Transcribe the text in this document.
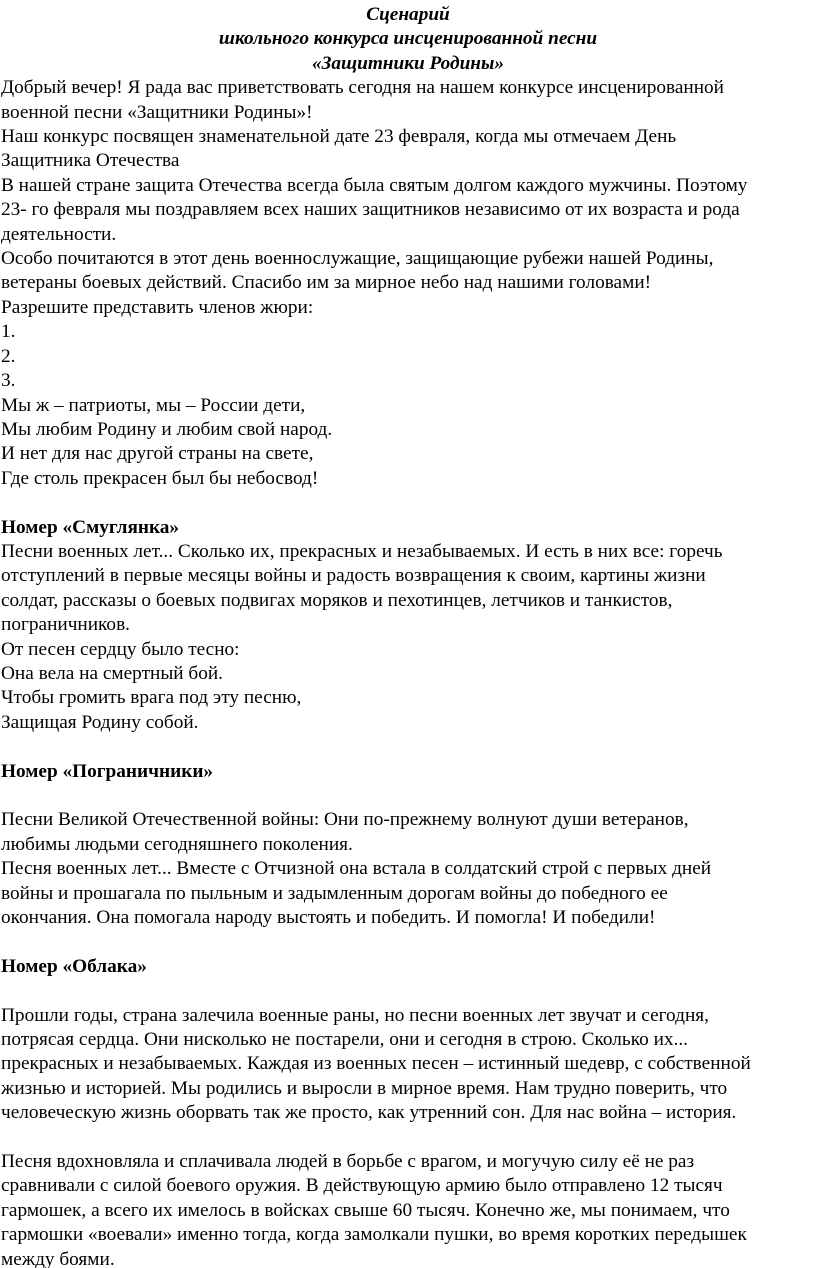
Сценарий
школьного конкурса инсценированной песни
«Защитники Родины»
Добрый вечер! Я рада вас приветствовать сегодня на нашем конкурсе инсценированной
военной песни «Защитники Родины»!
Наш конкурс посвящен знаменательной дате 23 февраля, когда мы отмечаем День
Защитника Отечества
В нашей стране защита Отечества всегда была святым долгом каждого мужчины. Поэтому
23- го февраля мы поздравляем всех наших защитников независимо от их возраста и рода
деятельности.
Особо почитаются в этот день военнослужащие, защищающие рубежи нашей Родины,
ветераны боевых действий. Спасибо им за мирное небо над нашими головами!
Разрешите представить членов жюри:
1.
2.
3.
Мы ж – патриоты, мы – России дети,
Мы любим Родину и любим свой народ.
И нет для нас другой страны на свете,
Где столь прекрасен был бы небосвод!
Номер «Смуглянка»
Песни военных лет... Сколько их, прекрасных и незабываемых. И есть в них все: горечь
отступлений в первые месяцы войны и радость возвращения к своим, картины жизни
солдат, рассказы о боевых подвигах моряков и пехотинцев, летчиков и танкистов,
пограничников.
От песен сердцу было тесно:
Она вела на смертный бой.
Чтобы громить врага под эту песню,
Защищая Родину собой.
Номер «Пограничники»
Песни Великой Отечественной войны: Они по-прежнему волнуют души ветеранов,
любимы людьми сегодняшнего поколения.
Песня военных лет... Вместе с Отчизной она встала в солдатский строй с первых дней
войны и прошагала по пыльным и задымленным дорогам войны до победного ее
окончания. Она помогала народу выстоять и победить. И помогла! И победили!
Номер «Облака»
Прошли годы, страна залечила военные раны, но песни военных лет звучат и сегодня,
потрясая сердца. Они нисколько не постарели, они и сегодня в строю. Сколько их...
прекрасных и незабываемых. Каждая из военных песен – истинный шедевр, с собственной
жизнью и историей. Мы родились и выросли в мирное время. Нам трудно поверить, что
человеческую жизнь оборвать так же просто, как утренний сон. Для нас война – история.
Песня вдохновляла и сплачивала людей в борьбе с врагом, и могучую силу её не раз
сравнивали с силой боевого оружия. В действующую армию было отправлено 12 тысяч
гармошек, а всего их имелось в войсках свыше 60 тысяч. Конечно же, мы понимаем, что
гармошки «воевали» именно тогда, когда замолкали пушки, во время коротких передышек
между боями.
